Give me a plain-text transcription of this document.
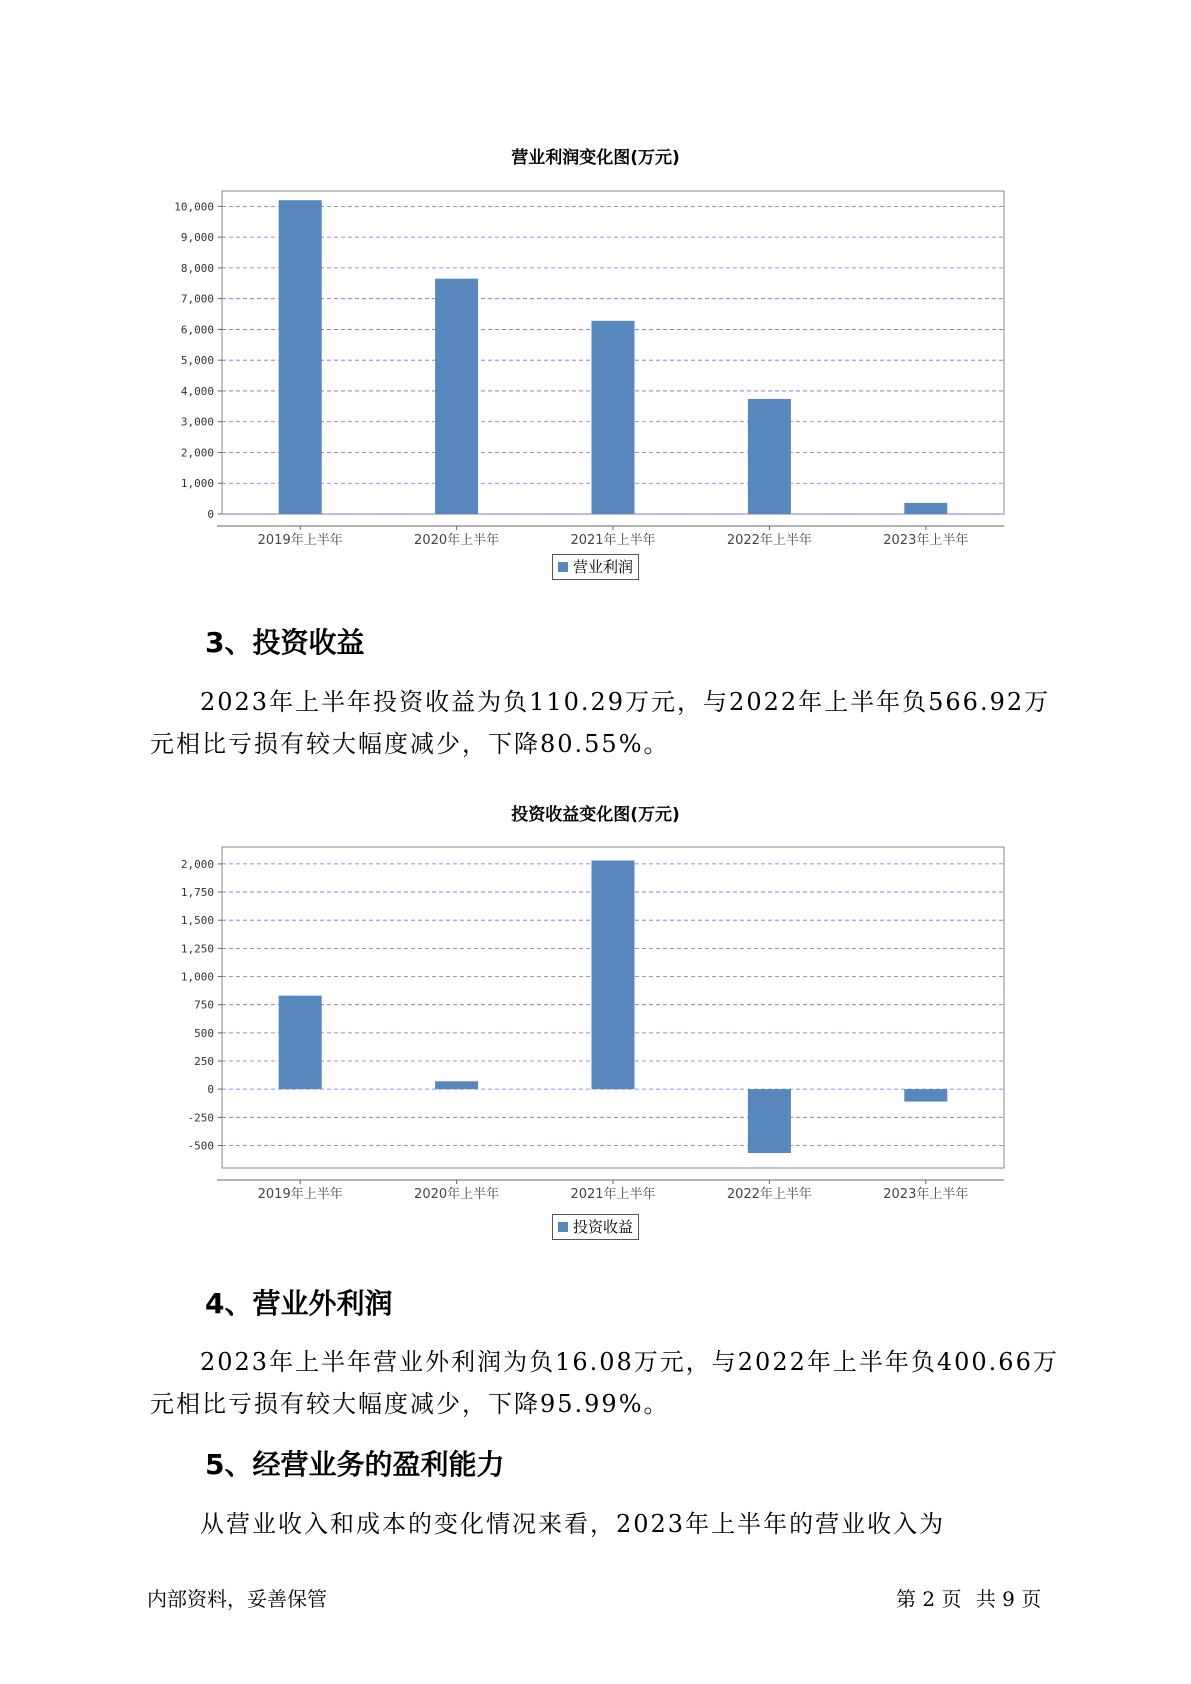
营业利润变化图(万元)
0
1,000
2,000
3,000
4,000
5,000
6,000
7,000
8,000
9,000
10,000
2019年上半年	2020年上半年	2021年上半年	2022年上半年	2023年上半年
营业利润
3、投资收益
2023年上半年投资收益为负110.29万元，与2022年上半年负566.92万元相比亏损有较大幅度减少，下降80.55%。
投资收益变化图(万元)
-500
-250
0
250
500
750
1,000
1,250
1,500
1,750
2,000
2019年上半年	2020年上半年	2021年上半年	2022年上半年	2023年上半年
投资收益
4、营业外利润
2023年上半年营业外利润为负16.08万元，与2022年上半年负400.66万元相比亏损有较大幅度减少，下降95.99%。
5、经营业务的盈利能力
从营业收入和成本的变化情况来看，2023年上半年的营业收入为
内部资料，妥善保管	第 2 页 共 9 页
